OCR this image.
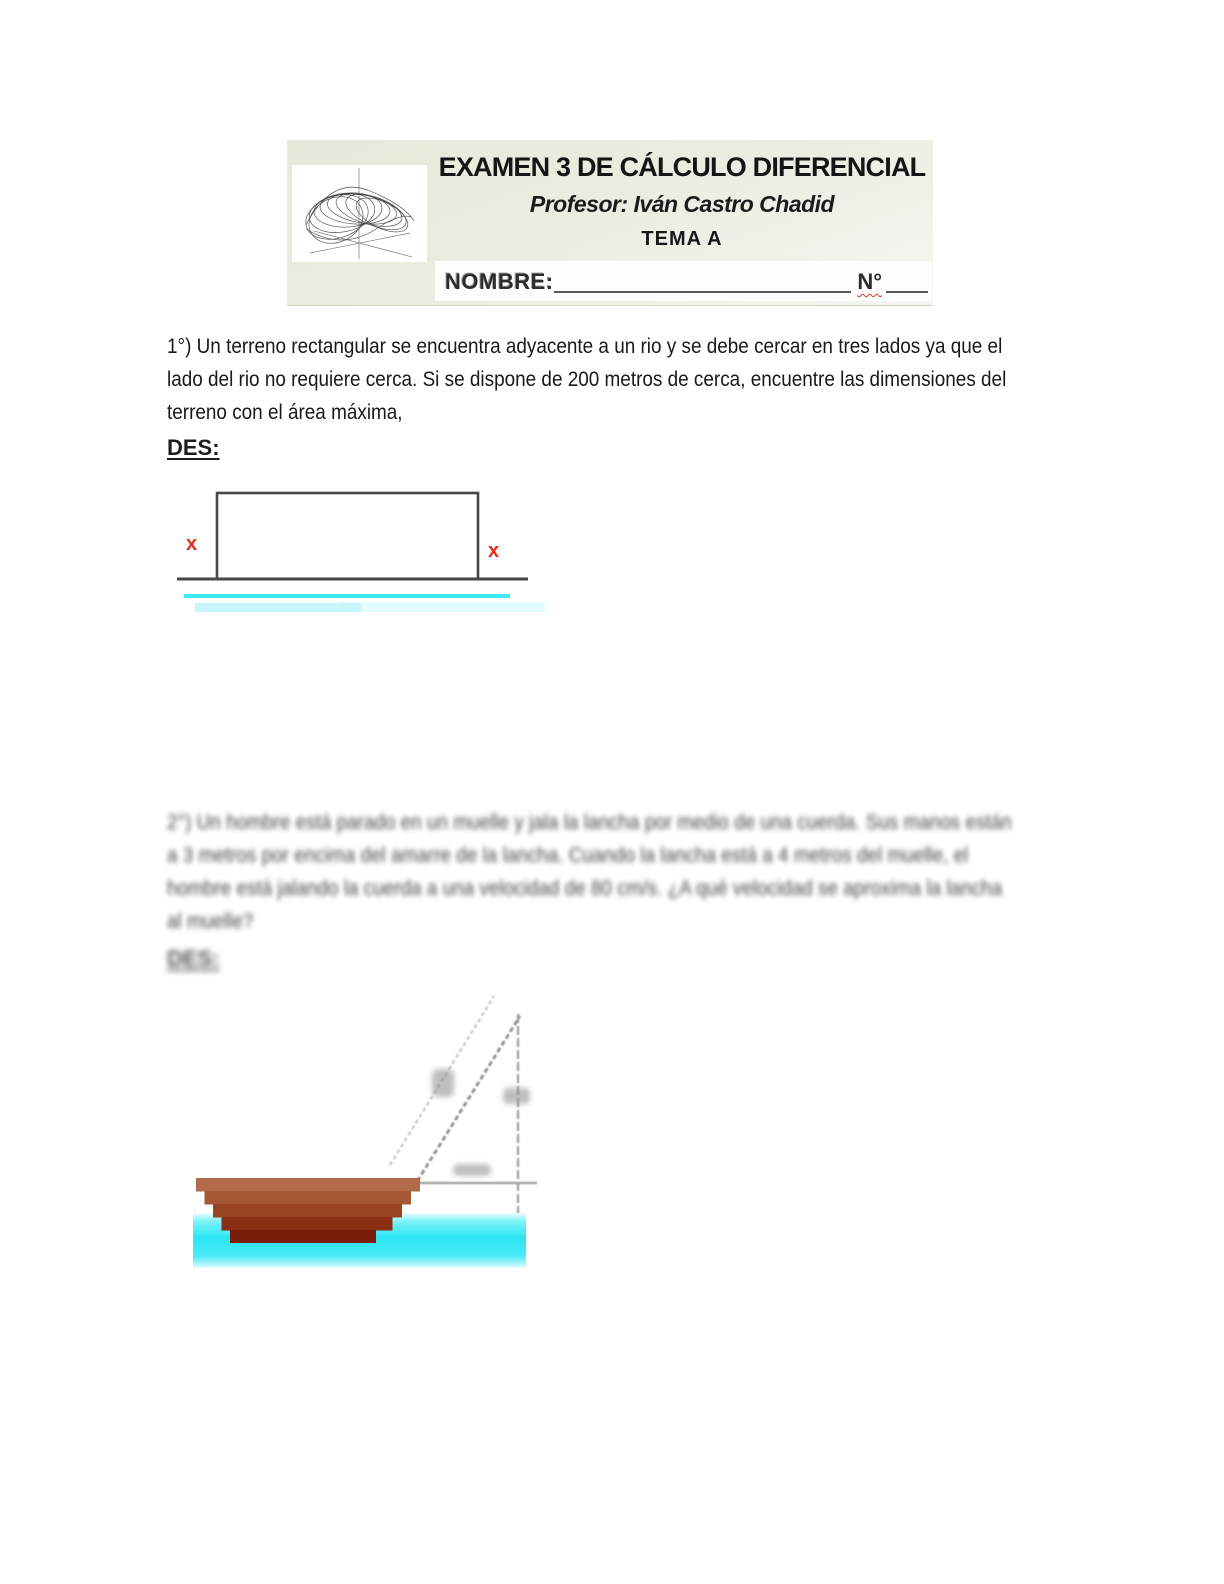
EXAMEN 3 DE CÁLCULO DIFERENCIAL
Profesor: Iván Castro Chadid
TEMA A
NOMBRE:	N°
1°) Un terreno rectangular se encuentra adyacente a un rio y se debe cercar en tres lados ya que el
lado del rio no requiere cerca. Si se dispone de 200 metros de cerca, encuentre las dimensiones del
terreno con el área máxima,
DES:
x	x
2°) Un hombre está parado en un muelle y jala la lancha por medio de una cuerda. Sus manos están
a 3 metros por encima del amarre de la lancha. Cuando la lancha está a 4 metros del muelle, el
hombre está jalando la cuerda a una velocidad de 80 cm/s. ¿A qué velocidad se aproxima la lancha
al muelle?
DES:
